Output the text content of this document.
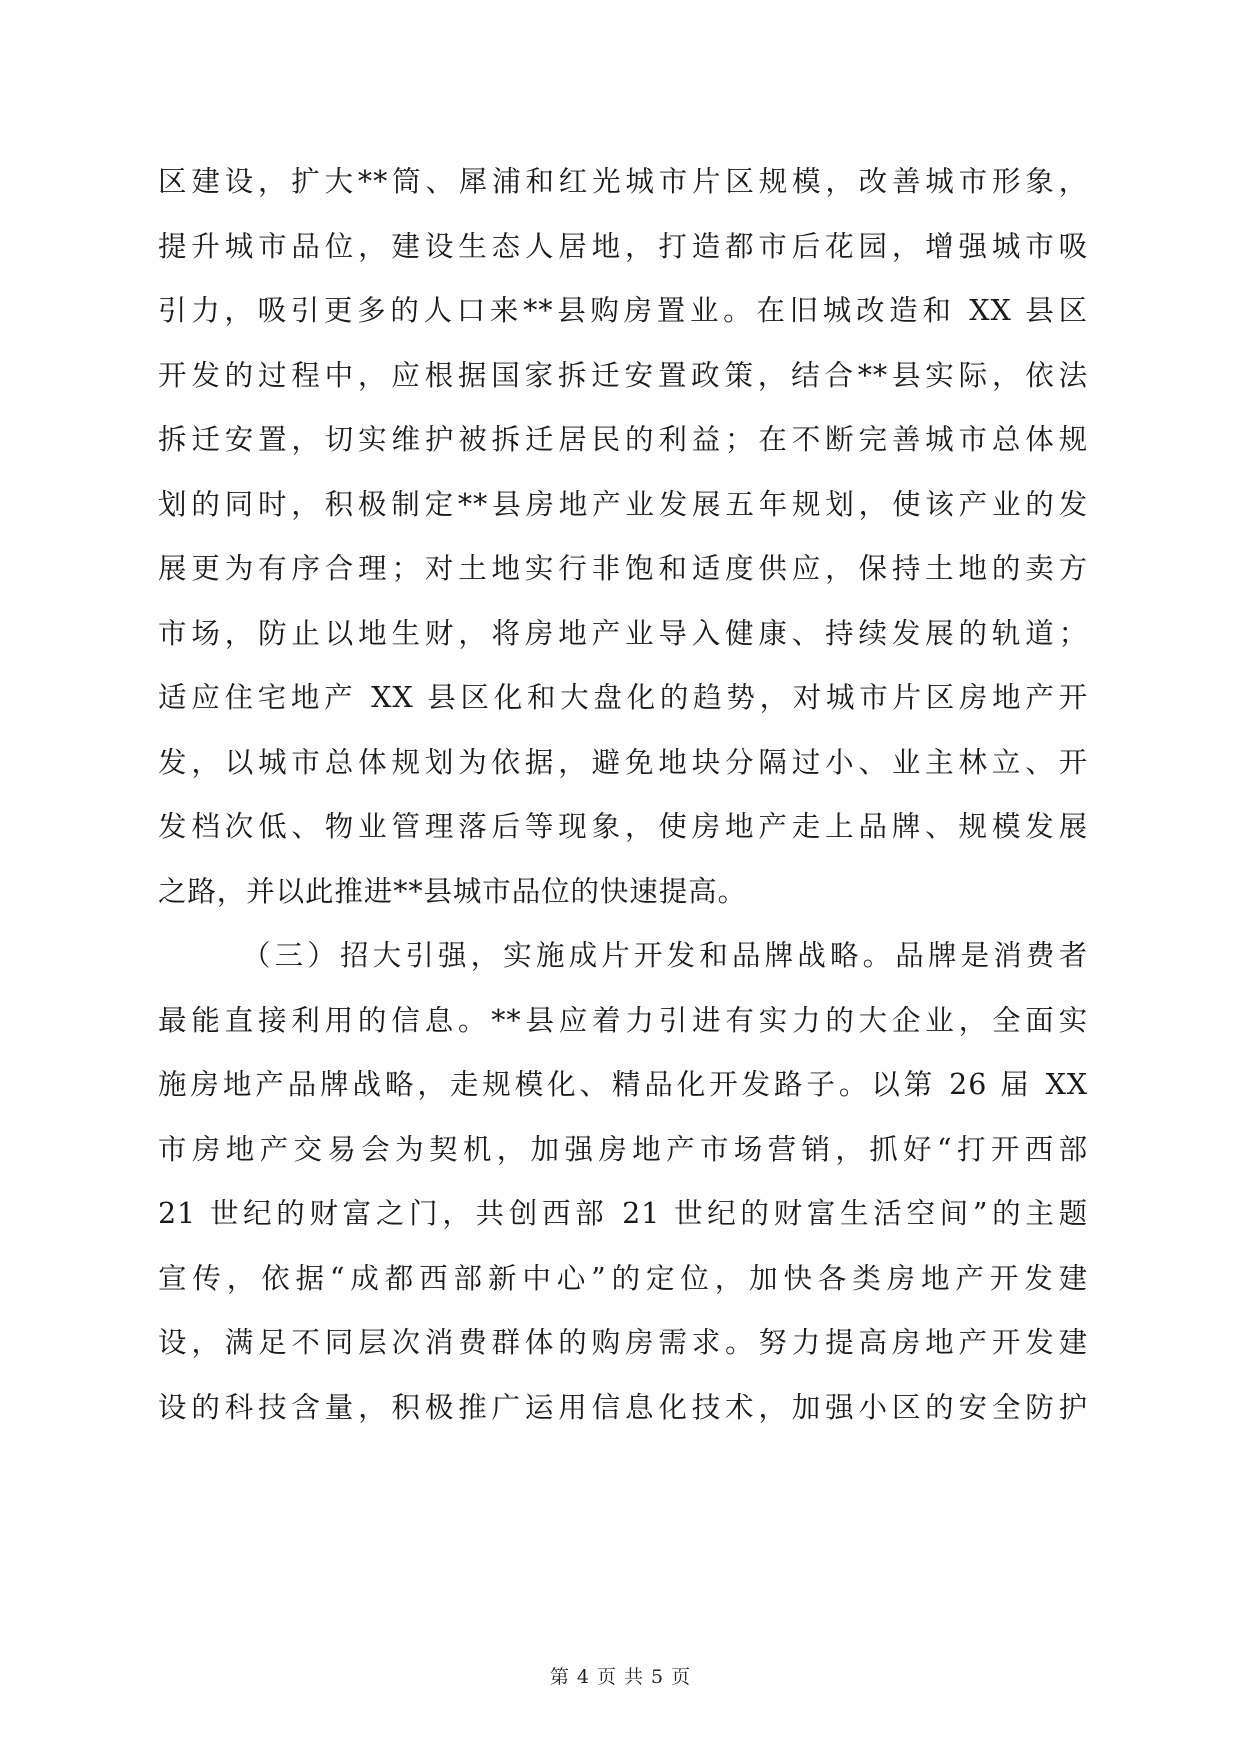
区建设，扩大**筒、犀浦和红光城市片区规模，改善城市形象，
提升城市品位，建设生态人居地，打造都市后花园，增强城市吸
引力，吸引更多的人口来**县购房置业。在旧城改造和 XX 县区
开发的过程中，应根据国家拆迁安置政策，结合**县实际，依法
拆迁安置，切实维护被拆迁居民的利益；在不断完善城市总体规
划的同时，积极制定**县房地产业发展五年规划，使该产业的发
展更为有序合理；对土地实行非饱和适度供应，保持土地的卖方
市场，防止以地生财，将房地产业导入健康、持续发展的轨道；
适应住宅地产 XX 县区化和大盘化的趋势，对城市片区房地产开
发，以城市总体规划为依据，避免地块分隔过小、业主林立、开
发档次低、物业管理落后等现象，使房地产走上品牌、规模发展
之路，并以此推进**县城市品位的快速提高。
（三）招大引强，实施成片开发和品牌战略。品牌是消费者
最能直接利用的信息。**县应着力引进有实力的大企业，全面实
施房地产品牌战略，走规模化、精品化开发路子。以第 26 届 XX
市房地产交易会为契机，加强房地产市场营销，抓好“打开西部
21 世纪的财富之门，共创西部 21 世纪的财富生活空间”的主题
宣传，依据“成都西部新中心”的定位，加快各类房地产开发建
设，满足不同层次消费群体的购房需求。努力提高房地产开发建
设的科技含量，积极推广运用信息化技术，加强小区的安全防护
第 4 页 共 5 页
